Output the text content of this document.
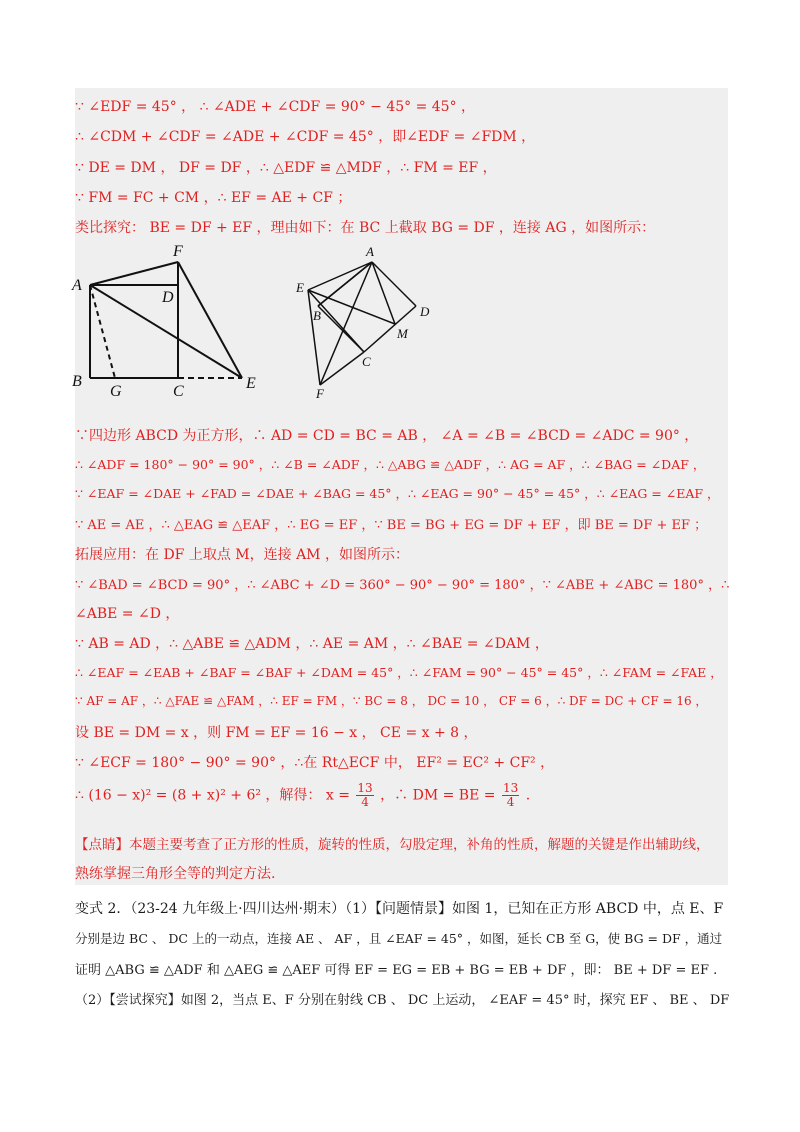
∵ ∠EDF = 45° ， ∴ ∠ADE + ∠CDF = 90° − 45° = 45° ，
∴ ∠CDM + ∠CDF = ∠ADE + ∠CDF = 45° ，即∠EDF = ∠FDM ，
∵ DE = DM ， DF = DF ，∴ △EDF ≌ △MDF ，∴ FM = EF ，
∵ FM = FC + CM ，∴ EF = AE + CF ；
类比探究： BE = DF + EF ，理由如下：在 BC 上截取 BG = DF ，连接 AG ，如图所示：
A
F
D
B
G	C	E
A
E
B	D
M
C
F
∵四边形 ABCD 为正方形，∴ AD = CD = BC = AB ， ∠A = ∠B = ∠BCD = ∠ADC = 90° ，
∴ ∠ADF = 180° − 90° = 90° ，∴ ∠B = ∠ADF ，∴ △ABG ≌ △ADF ，∴ AG = AF ，∴ ∠BAG = ∠DAF ，
∵ ∠EAF = ∠DAE + ∠FAD = ∠DAE + ∠BAG = 45° ，∴ ∠EAG = 90° − 45° = 45° ，∴ ∠EAG = ∠EAF ，
∵ AE = AE ，∴ △EAG ≌ △EAF ，∴ EG = EF ，∵ BE = BG + EG = DF + EF ，即 BE = DF + EF ；
拓展应用：在 DF 上取点 M，连接 AM ，如图所示：
∵ ∠BAD = ∠BCD = 90° ，∴ ∠ABC + ∠D = 360° − 90° − 90° = 180° ，∵ ∠ABE + ∠ABC = 180° ，∴
∠ABE = ∠D ，
∵ AB = AD ，∴ △ABE ≌ △ADM ，∴ AE = AM ，∴ ∠BAE = ∠DAM ，
∴ ∠EAF = ∠EAB + ∠BAF = ∠BAF + ∠DAM = 45° ，∴ ∠FAM = 90° − 45° = 45° ，∴ ∠FAM = ∠FAE ，
∵ AF = AF ，∴ △FAE ≌ △FAM ，∴ EF = FM ，∵ BC = 8 ， DC = 10 ， CF = 6 ，∴ DF = DC + CF = 16 ，
设 BE = DM = x ，则 FM = EF = 16 − x ， CE = x + 8 ，
∵ ∠ECF = 180° − 90° = 90° ，∴在 Rt△ECF 中， EF² = EC² + CF² ，
∴ (16 − x)² = (8 + x)² + 6² ，解得： $x = \frac{13}{4}$ ，∴ DM = BE = $\frac{13}{4}$ .
【点睛】本题主要考查了正方形的性质，旋转的性质，勾股定理，补角的性质，解题的关键是作出辅助线，
熟练掌握三角形全等的判定方法.
变式 2．（23-24 九年级上·四川达州·期末）（1）【问题情景】如图 1，已知在正方形 ABCD 中，点 E、F
分别是边 BC 、 DC 上的一动点，连接 AE 、 AF ，且 ∠EAF = 45° ，如图，延长 CB 至 G，使 BG = DF ，通过
证明 △ABG ≌ △ADF 和 △AEG ≌ △AEF 可得 EF = EG = EB + BG = EB + DF ，即： BE + DF = EF .
（2）【尝试探究】如图 2，当点 E、F 分别在射线 CB 、 DC 上运动， ∠EAF = 45° 时，探究 EF 、 BE 、 DF
